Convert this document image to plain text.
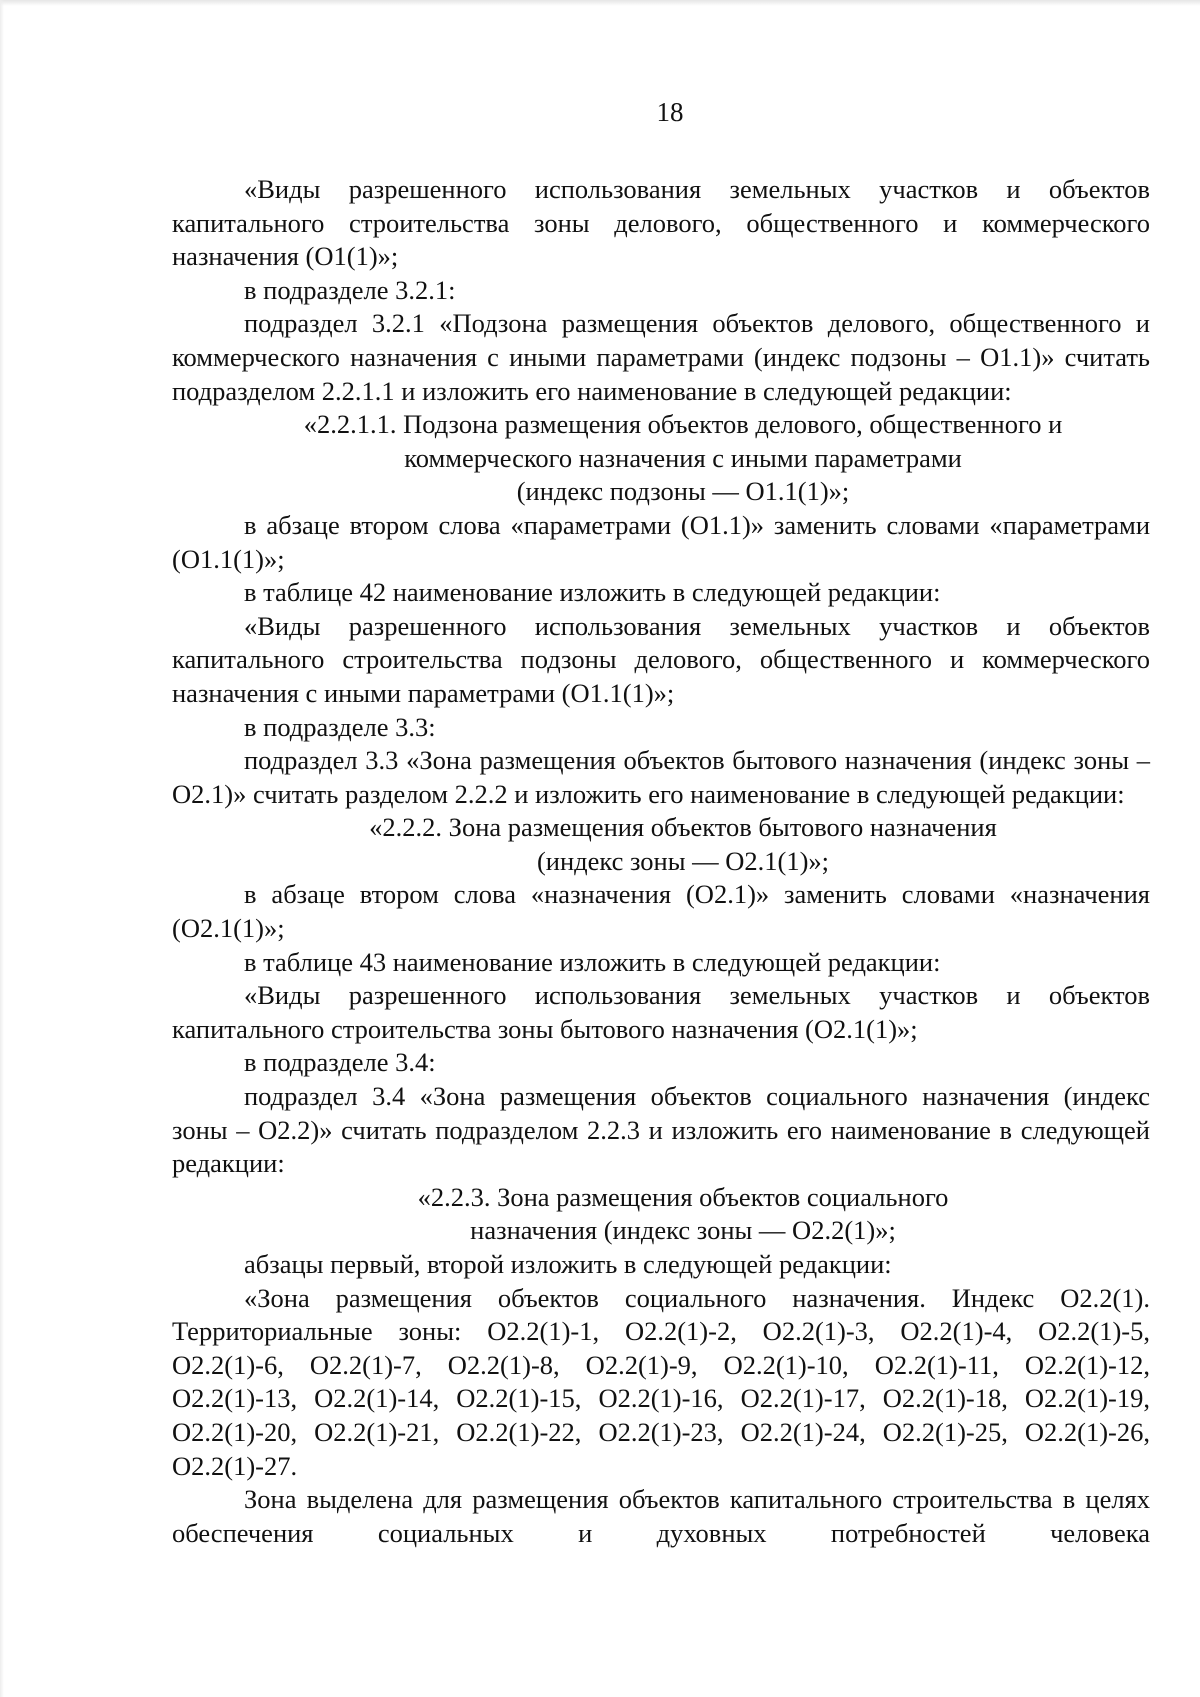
18

«Виды разрешенного использования земельных участков и объектов капитального строительства зоны делового, общественного и коммерческого назначения (О1(1)»;

в подразделе 3.2.1:

подраздел 3.2.1 «Подзона размещения объектов делового, общественного и коммерческого назначения с иными параметрами (индекс подзоны – О1.1)» считать подразделом 2.2.1.1 и изложить его наименование в следующей редакции:

«2.2.1.1. Подзона размещения объектов делового, общественного и

коммерческого назначения с иными параметрами

(индекс подзоны — О1.1(1)»;

в абзаце втором слова «параметрами (О1.1)» заменить словами «параметрами (О1.1(1)»;

в таблице 42 наименование изложить в следующей редакции:

«Виды разрешенного использования земельных участков и объектов капитального строительства подзоны делового, общественного и коммерческого назначения с иными параметрами (О1.1(1)»;

в подразделе 3.3:

подраздел 3.3 «Зона размещения объектов бытового назначения (индекс зоны – О2.1)» считать разделом 2.2.2 и изложить его наименование в следующей редакции:

«2.2.2. Зона размещения объектов бытового назначения

(индекс зоны — О2.1(1)»;

в абзаце втором слова «назначения (О2.1)» заменить словами «назначения (О2.1(1)»;

в таблице 43 наименование изложить в следующей редакции:

«Виды разрешенного использования земельных участков и объектов капитального строительства зоны бытового назначения (О2.1(1)»;

в подразделе 3.4:

подраздел 3.4 «Зона размещения объектов социального назначения (индекс зоны – О2.2)» считать подразделом 2.2.3 и изложить его наименование в следующей редакции:

«2.2.3. Зона размещения объектов социального

назначения (индекс зоны — О2.2(1)»;

абзацы первый, второй изложить в следующей редакции:

«Зона размещения объектов социального назначения. Индекс О2.2(1). Территориальные зоны: О2.2(1)-1, О2.2(1)-2, О2.2(1)-3, О2.2(1)-4, О2.2(1)-5, О2.2(1)-6, О2.2(1)-7, О2.2(1)-8, О2.2(1)-9, О2.2(1)-10, О2.2(1)-11, О2.2(1)-12, О2.2(1)-13, О2.2(1)-14, О2.2(1)-15, О2.2(1)-16, О2.2(1)-17, О2.2(1)-18, О2.2(1)-19, О2.2(1)-20, О2.2(1)-21, О2.2(1)-22, О2.2(1)-23, О2.2(1)-24, О2.2(1)-25, О2.2(1)-26, О2.2(1)-27.

Зона выделена для размещения объектов капитального строительства в целях обеспечения социальных и духовных потребностей человека
